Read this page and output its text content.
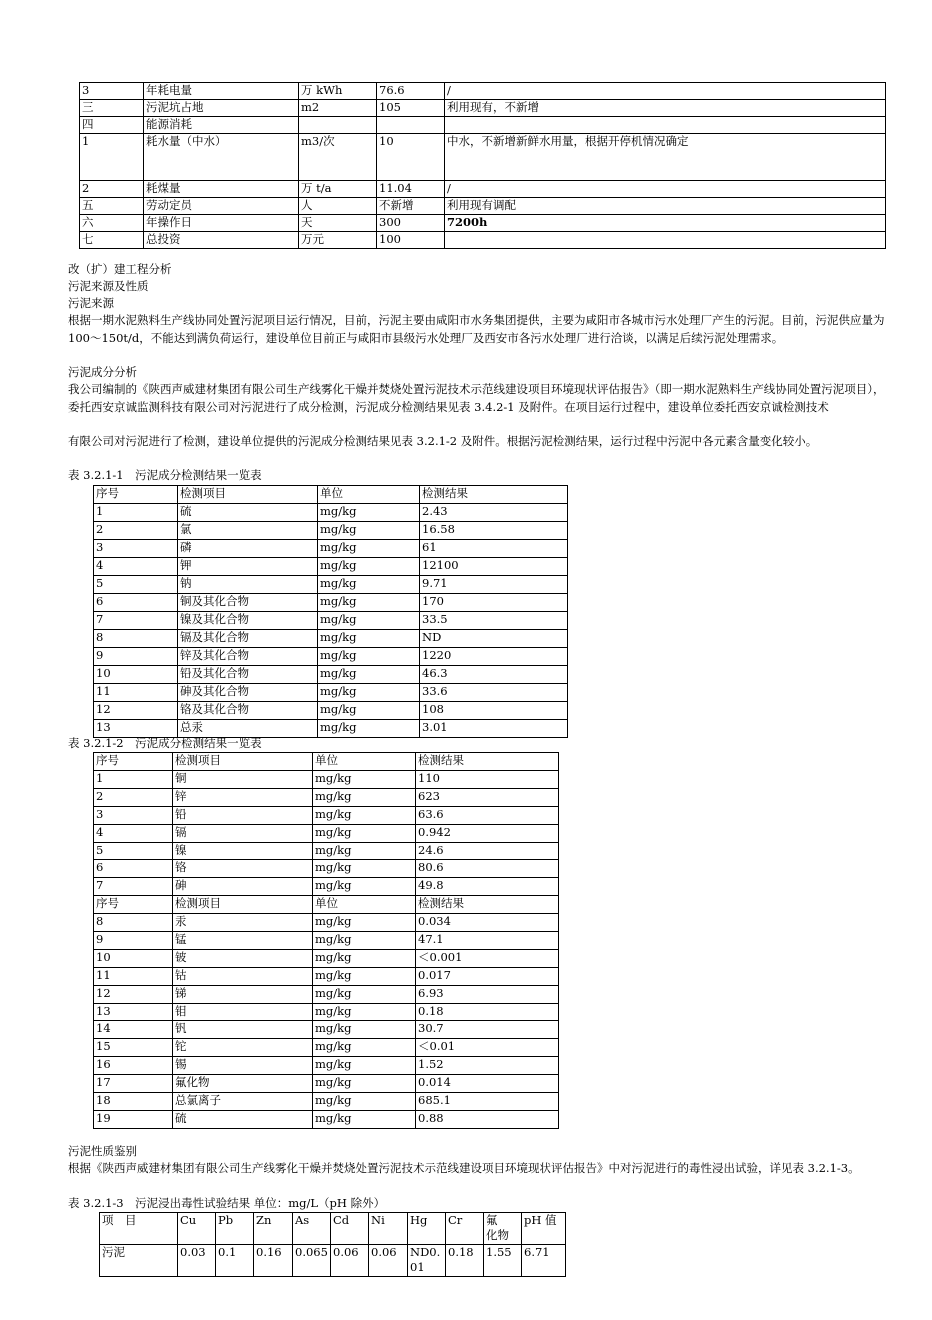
3	年耗电量	万 kWh	76.6	/
三	污泥坑占地	m2	105	利用现有，不新增
四	能源消耗			
1	耗水量（中水）	m3/次	10	中水，不新增新鲜水用量，根据开停机情况确定
2	耗煤量	万 t/a	11.04	/
五	劳动定员	人	不新增	利用现有调配
六	年操作日	天	300	7200h
七	总投资	万元	100	
改（扩）建工程分析
污泥来源及性质
污泥来源
根据一期水泥熟料生产线协同处置污泥项目运行情况，目前，污泥主要由咸阳市水务集团提供，主要为咸阳市各城市污水处理厂产生的污泥。目前，污泥供应量为 100～150t/d，不能达到满负荷运行，建设单位目前正与咸阳市县级污水处理厂及西安市各污水处理厂进行洽谈，以满足后续污泥处理需求。
污泥成分分析
我公司编制的《陕西声威建材集团有限公司生产线雾化干燥并焚烧处置污泥技术示范线建设项目环境现状评估报告》（即一期水泥熟料生产线协同处置污泥项目），委托西安京诚监测科技有限公司对污泥进行了成分检测，污泥成分检测结果见表 3.4.2-1 及附件。在项目运行过程中，建设单位委托西安京诚检测技术
有限公司对污泥进行了检测，建设单位提供的污泥成分检测结果见表 3.2.1-2 及附件。根据污泥检测结果，运行过程中污泥中各元素含量变化较小。
表 3.2.1-1　污泥成分检测结果一览表
序号	检测项目	单位	检测结果
1	硫	mg/kg	2.43
2	氯	mg/kg	16.58
3	磷	mg/kg	61
4	钾	mg/kg	12100
5	钠	mg/kg	9.71
6	铜及其化合物	mg/kg	170
7	镍及其化合物	mg/kg	33.5
8	镉及其化合物	mg/kg	ND
9	锌及其化合物	mg/kg	1220
10	铅及其化合物	mg/kg	46.3
11	砷及其化合物	mg/kg	33.6
12	铬及其化合物	mg/kg	108
13	总汞	mg/kg	3.01
表 3.2.1-2　污泥成分检测结果一览表
序号	检测项目	单位	检测结果
1	铜	mg/kg	110
2	锌	mg/kg	623
3	铅	mg/kg	63.6
4	镉	mg/kg	0.942
5	镍	mg/kg	24.6
6	铬	mg/kg	80.6
7	砷	mg/kg	49.8
序号	检测项目	单位	检测结果
8	汞	mg/kg	0.034
9	锰	mg/kg	47.1
10	铍	mg/kg	＜0.001
11	钴	mg/kg	0.017
12	锑	mg/kg	6.93
13	钼	mg/kg	0.18
14	钒	mg/kg	30.7
15	铊	mg/kg	＜0.01
16	锡	mg/kg	1.52
17	氟化物	mg/kg	0.014
18	总氯离子	mg/kg	685.1
19	硫	mg/kg	0.88
污泥性质鉴别
根据《陕西声威建材集团有限公司生产线雾化干燥并焚烧处置污泥技术示范线建设项目环境现状评估报告》中对污泥进行的毒性浸出试验，详见表 3.2.1-3。
表 3.2.1-3　污泥浸出毒性试验结果 单位：mg/L（pH 除外）
项　目	Cu	Pb	Zn	As	Cd	Ni	Hg	Cr	氟　化物	pH 值
污泥	0.03	0.1	0.16	0.065	0.06	0.06	ND0.01	0.18	1.55	6.71
